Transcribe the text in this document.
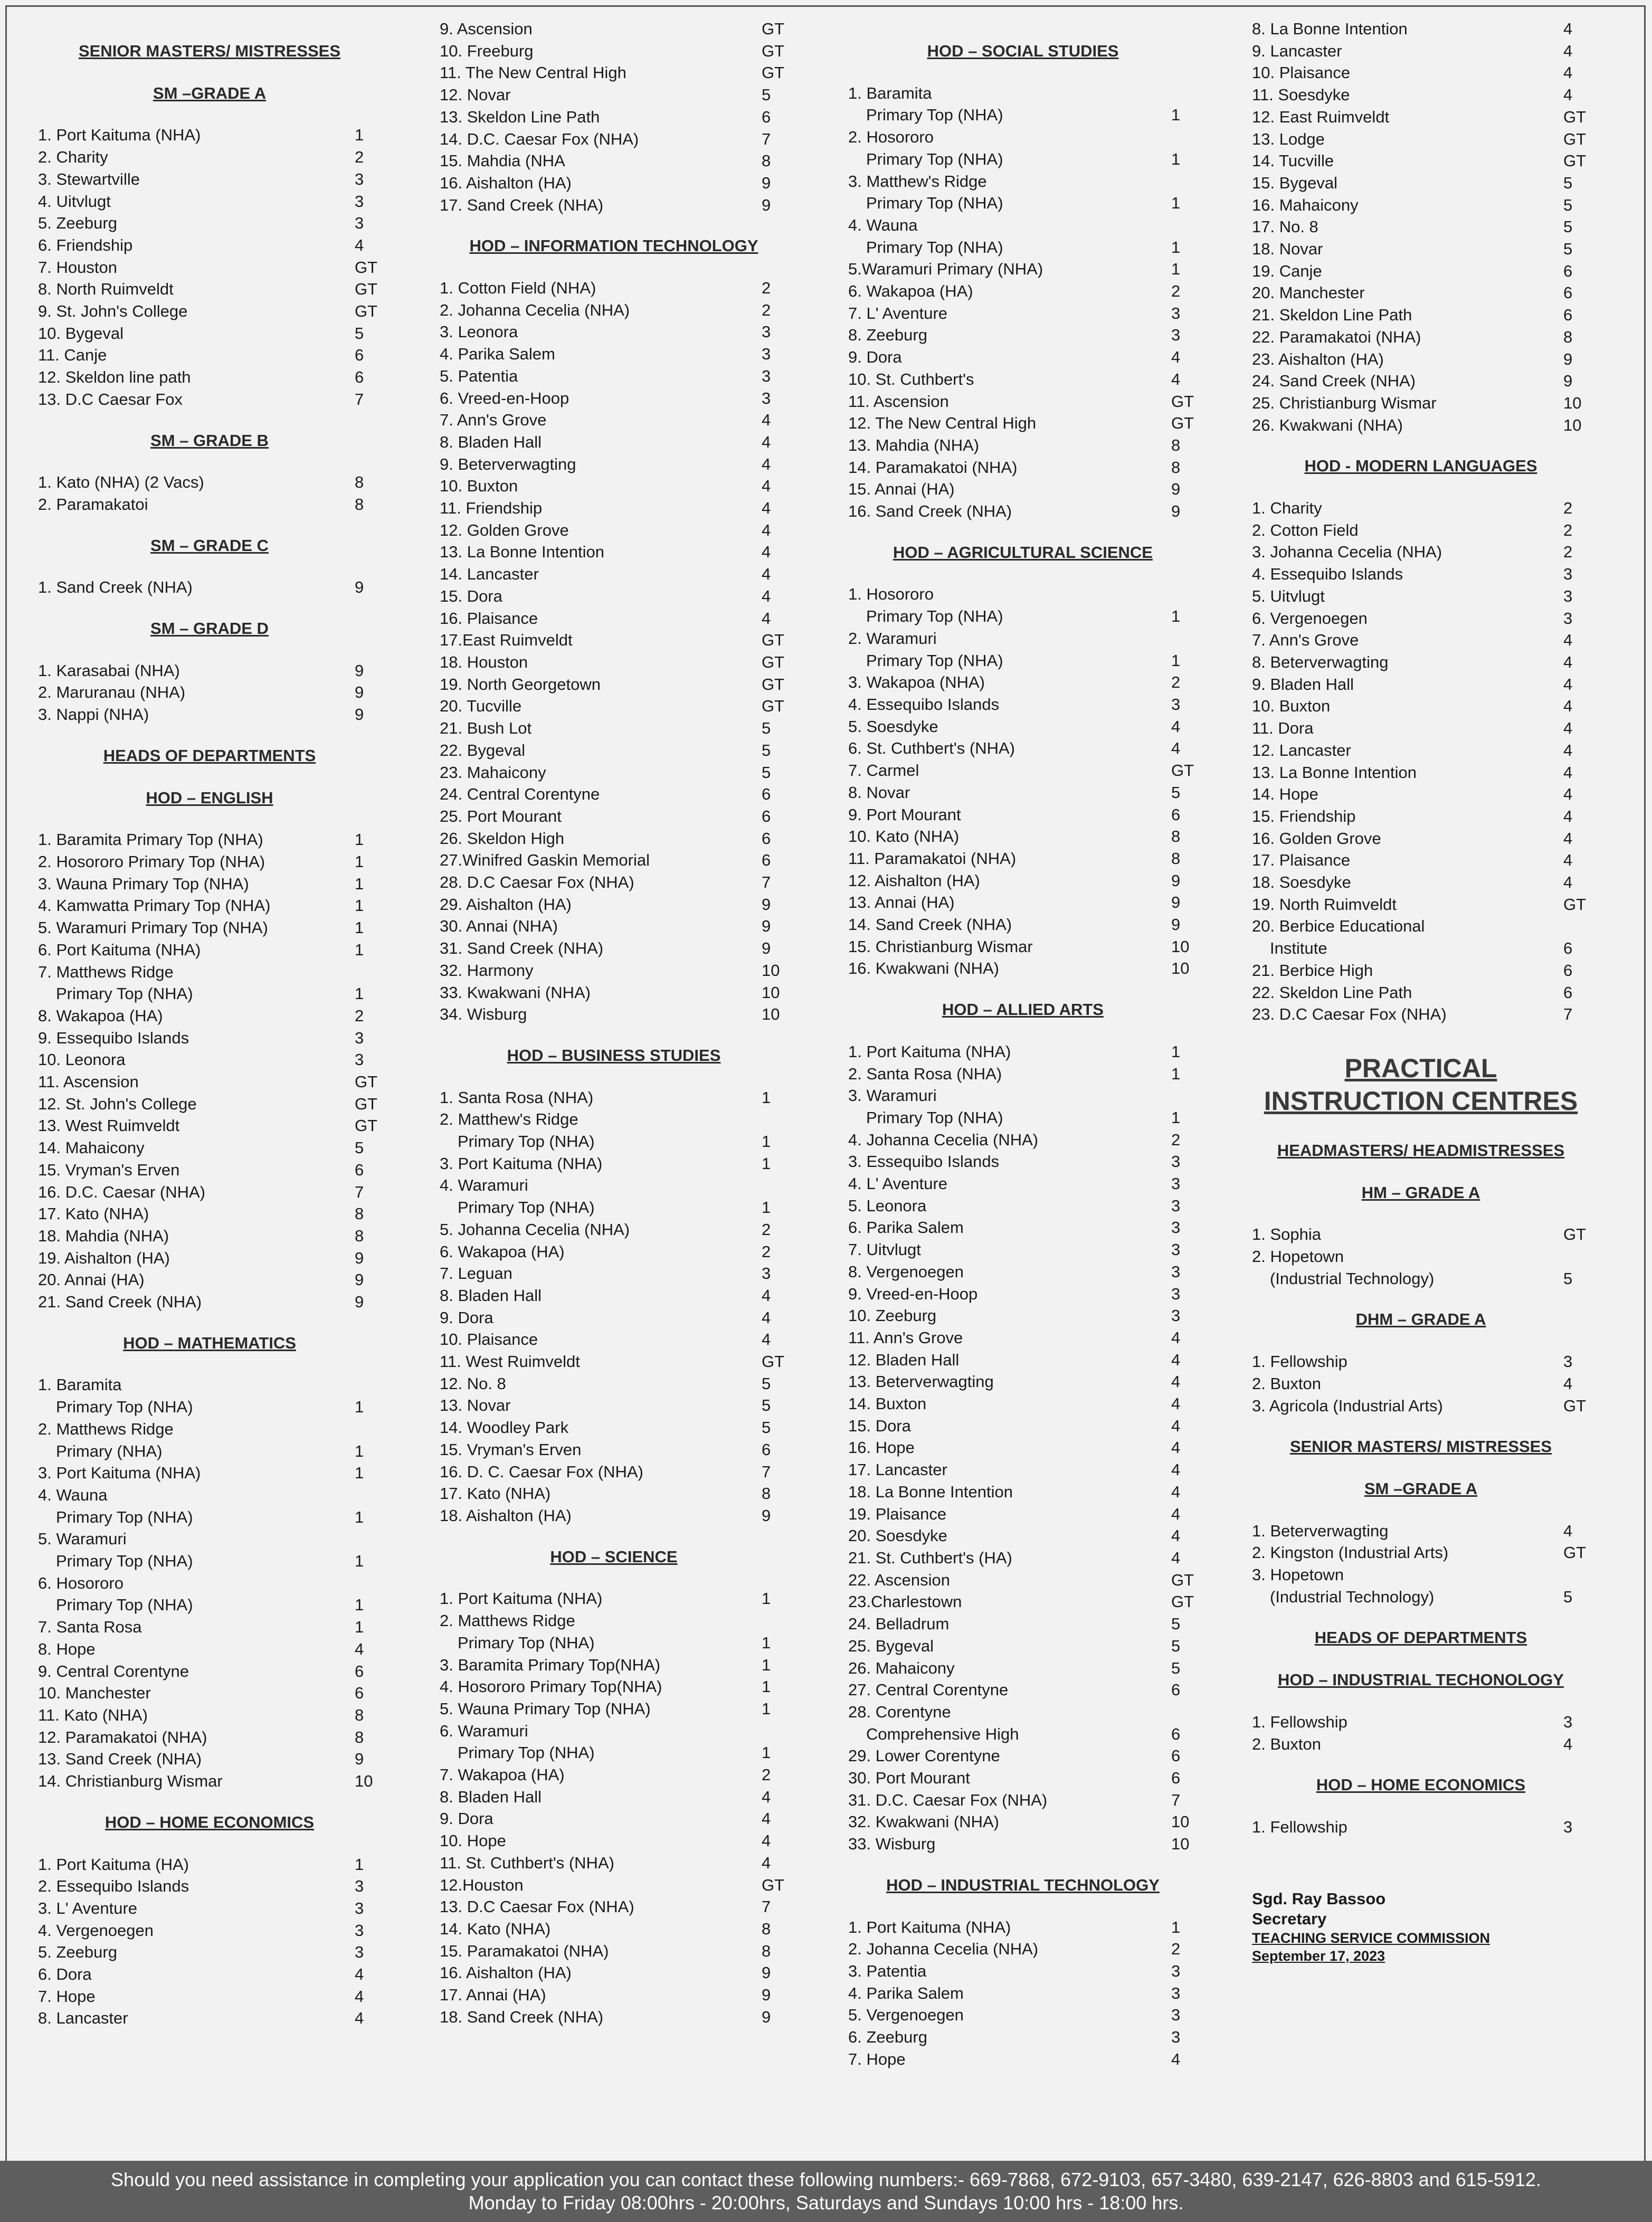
SENIOR MASTERS/ MISTRESSES
SM –GRADE A
1. Port Kaituma (NHA)	1
2. Charity	2
3. Stewartville	3
4. Uitvlugt	3
5. Zeeburg	3
6. Friendship	4
7. Houston	GT
8. North Ruimveldt	GT
9. St. John's College	GT
10. Bygeval	5
11. Canje	6
12. Skeldon line path	6
13. D.C Caesar Fox	7
SM – GRADE B
1. Kato (NHA) (2 Vacs)	8
2. Paramakatoi	8
SM – GRADE C
1. Sand Creek (NHA)	9
SM – GRADE D
1. Karasabai (NHA)	9
2. Maruranau (NHA)	9
3. Nappi (NHA)	9
HEADS OF DEPARTMENTS
HOD – ENGLISH
1. Baramita Primary Top (NHA)	1
2. Hosororo Primary Top (NHA)	1
3. Wauna Primary Top (NHA)	1
4. Kamwatta Primary Top (NHA)	1
5. Waramuri Primary Top (NHA)	1
6. Port Kaituma (NHA)	1
7. Matthews Ridge
Primary Top (NHA)	1
8. Wakapoa (HA)	2
9. Essequibo Islands	3
10. Leonora	3
11. Ascension	GT
12. St. John's College	GT
13. West Ruimveldt	GT
14. Mahaicony	5
15. Vryman's Erven	6
16. D.C. Caesar (NHA)	7
17. Kato (NHA)	8
18. Mahdia (NHA)	8
19. Aishalton (HA)	9
20. Annai (HA)	9
21. Sand Creek (NHA)	9
HOD – MATHEMATICS
1. Baramita
Primary Top (NHA)	1
2. Matthews Ridge
Primary (NHA)	1
3. Port Kaituma (NHA)	1
4. Wauna
Primary Top (NHA)	1
5. Waramuri
Primary Top (NHA)	1
6. Hosororo
Primary Top (NHA)	1
7. Santa Rosa	1
8. Hope	4
9. Central Corentyne	6
10. Manchester	6
11. Kato (NHA)	8
12. Paramakatoi (NHA)	8
13. Sand Creek (NHA)	9
14. Christianburg Wismar	10
HOD – HOME ECONOMICS
1. Port Kaituma (HA)	1
2. Essequibo Islands	3
3. L' Aventure	3
4. Vergenoegen	3
5. Zeeburg	3
6. Dora	4
7. Hope	4
8. Lancaster	4
9. Ascension	GT
10. Freeburg	GT
11. The New Central High	GT
12. Novar	5
13. Skeldon Line Path	6
14. D.C. Caesar Fox (NHA)	7
15. Mahdia (NHA	8
16. Aishalton (HA)	9
17. Sand Creek (NHA)	9
HOD – INFORMATION TECHNOLOGY
1. Cotton Field (NHA)	2
2. Johanna Cecelia (NHA)	2
3. Leonora	3
4. Parika Salem	3
5. Patentia	3
6. Vreed-en-Hoop	3
7. Ann's Grove	4
8. Bladen Hall	4
9. Beterverwagting	4
10. Buxton	4
11. Friendship	4
12. Golden Grove	4
13. La Bonne Intention	4
14. Lancaster	4
15. Dora	4
16. Plaisance	4
17.East Ruimveldt	GT
18. Houston	GT
19. North Georgetown	GT
20. Tucville	GT
21. Bush Lot	5
22. Bygeval	5
23. Mahaicony	5
24. Central Corentyne	6
25. Port Mourant	6
26. Skeldon High	6
27.Winifred Gaskin Memorial	6
28. D.C Caesar Fox (NHA)	7
29. Aishalton (HA)	9
30. Annai (NHA)	9
31. Sand Creek (NHA)	9
32. Harmony	10
33. Kwakwani (NHA)	10
34. Wisburg	10
HOD – BUSINESS STUDIES
1. Santa Rosa (NHA)	1
2. Matthew's Ridge
Primary Top (NHA)	1
3. Port Kaituma (NHA)	1
4. Waramuri
Primary Top (NHA)	1
5. Johanna Cecelia (NHA)	2
6. Wakapoa (HA)	2
7. Leguan	3
8. Bladen Hall	4
9. Dora	4
10. Plaisance	4
11. West Ruimveldt	GT
12. No. 8	5
13. Novar	5
14. Woodley Park	5
15. Vryman's Erven	6
16. D. C. Caesar Fox (NHA)	7
17. Kato (NHA)	8
18. Aishalton (HA)	9
HOD – SCIENCE
1. Port Kaituma (NHA)	1
2. Matthews Ridge
Primary Top (NHA)	1
3. Baramita Primary Top(NHA)	1
4. Hosororo Primary Top(NHA)	1
5. Wauna Primary Top (NHA)	1
6. Waramuri
Primary Top (NHA)	1
7. Wakapoa (HA)	2
8. Bladen Hall	4
9. Dora	4
10. Hope	4
11. St. Cuthbert's (NHA)	4
12.Houston	GT
13. D.C Caesar Fox (NHA)	7
14. Kato (NHA)	8
15. Paramakatoi (NHA)	8
16. Aishalton (HA)	9
17. Annai (HA)	9
18. Sand Creek (NHA)	9
HOD – SOCIAL STUDIES
1. Baramita
Primary Top (NHA)	1
2. Hosororo
Primary Top (NHA)	1
3. Matthew's Ridge
Primary Top (NHA)	1
4. Wauna
Primary Top (NHA)	1
5.Waramuri Primary (NHA)	1
6. Wakapoa (HA)	2
7. L' Aventure	3
8. Zeeburg	3
9. Dora	4
10. St. Cuthbert's	4
11. Ascension	GT
12. The New Central High	GT
13. Mahdia (NHA)	8
14. Paramakatoi (NHA)	8
15. Annai (HA)	9
16. Sand Creek (NHA)	9
HOD – AGRICULTURAL SCIENCE
1. Hosororo
Primary Top (NHA)	1
2. Waramuri
Primary Top (NHA)	1
3. Wakapoa (NHA)	2
4. Essequibo Islands	3
5. Soesdyke	4
6. St. Cuthbert's (NHA)	4
7. Carmel	GT
8. Novar	5
9. Port Mourant	6
10. Kato (NHA)	8
11. Paramakatoi (NHA)	8
12. Aishalton (HA)	9
13. Annai (HA)	9
14. Sand Creek (NHA)	9
15. Christianburg Wismar	10
16. Kwakwani (NHA)	10
HOD – ALLIED ARTS
1. Port Kaituma (NHA)	1
2. Santa Rosa (NHA)	1
3. Waramuri
Primary Top (NHA)	1
4. Johanna Cecelia (NHA)	2
3. Essequibo Islands	3
4. L' Aventure	3
5. Leonora	3
6. Parika Salem	3
7. Uitvlugt	3
8. Vergenoegen	3
9. Vreed-en-Hoop	3
10. Zeeburg	3
11. Ann's Grove	4
12. Bladen Hall	4
13. Beterverwagting	4
14. Buxton	4
15. Dora	4
16. Hope	4
17. Lancaster	4
18. La Bonne Intention	4
19. Plaisance	4
20. Soesdyke	4
21. St. Cuthbert's (HA)	4
22. Ascension	GT
23.Charlestown	GT
24. Belladrum	5
25. Bygeval	5
26. Mahaicony	5
27. Central Corentyne	6
28. Corentyne
Comprehensive High	6
29. Lower Corentyne	6
30. Port Mourant	6
31. D.C. Caesar Fox (NHA)	7
32. Kwakwani (NHA)	10
33. Wisburg	10
HOD – INDUSTRIAL TECHNOLOGY
1. Port Kaituma (NHA)	1
2. Johanna Cecelia (NHA)	2
3. Patentia	3
4. Parika Salem	3
5. Vergenoegen	3
6. Zeeburg	3
7. Hope	4
8. La Bonne Intention	4
9. Lancaster	4
10. Plaisance	4
11. Soesdyke	4
12. East Ruimveldt	GT
13. Lodge	GT
14. Tucville	GT
15. Bygeval	5
16. Mahaicony	5
17. No. 8	5
18. Novar	5
19. Canje	6
20. Manchester	6
21. Skeldon Line Path	6
22. Paramakatoi (NHA)	8
23. Aishalton (HA)	9
24. Sand Creek (NHA)	9
25. Christianburg Wismar	10
26. Kwakwani (NHA)	10
HOD - MODERN LANGUAGES
1. Charity	2
2. Cotton Field	2
3. Johanna Cecelia (NHA)	2
4. Essequibo Islands	3
5. Uitvlugt	3
6. Vergenoegen	3
7. Ann's Grove	4
8. Beterverwagting	4
9. Bladen Hall	4
10. Buxton	4
11. Dora	4
12. Lancaster	4
13. La Bonne Intention	4
14. Hope	4
15. Friendship	4
16. Golden Grove	4
17. Plaisance	4
18. Soesdyke	4
19. North Ruimveldt	GT
20. Berbice Educational
Institute	6
21. Berbice High	6
22. Skeldon Line Path	6
23. D.C Caesar Fox (NHA)	7
PRACTICAL INSTRUCTION CENTRES
HEADMASTERS/ HEADMISTRESSES
HM – GRADE A
1. Sophia	GT
2. Hopetown
(Industrial Technology)	5
DHM – GRADE A
1. Fellowship	3
2. Buxton	4
3. Agricola (Industrial Arts)	GT
SENIOR MASTERS/ MISTRESSES
SM –GRADE A
1. Beterverwagting	4
2. Kingston (Industrial Arts)	GT
3. Hopetown
(Industrial Technology)	5
HEADS OF DEPARTMENTS
HOD – INDUSTRIAL TECHONOLOGY
1. Fellowship	3
2. Buxton	4
HOD – HOME ECONOMICS
1. Fellowship	3
Sgd. Ray Bassoo
Secretary
TEACHING SERVICE COMMISSION
September 17, 2023
Should you need assistance in completing your application you can contact these following numbers:- 669-7868, 672-9103, 657-3480, 639-2147, 626-8803 and 615-5912.
Monday to Friday 08:00hrs - 20:00hrs, Saturdays and Sundays 10:00 hrs - 18:00 hrs.
